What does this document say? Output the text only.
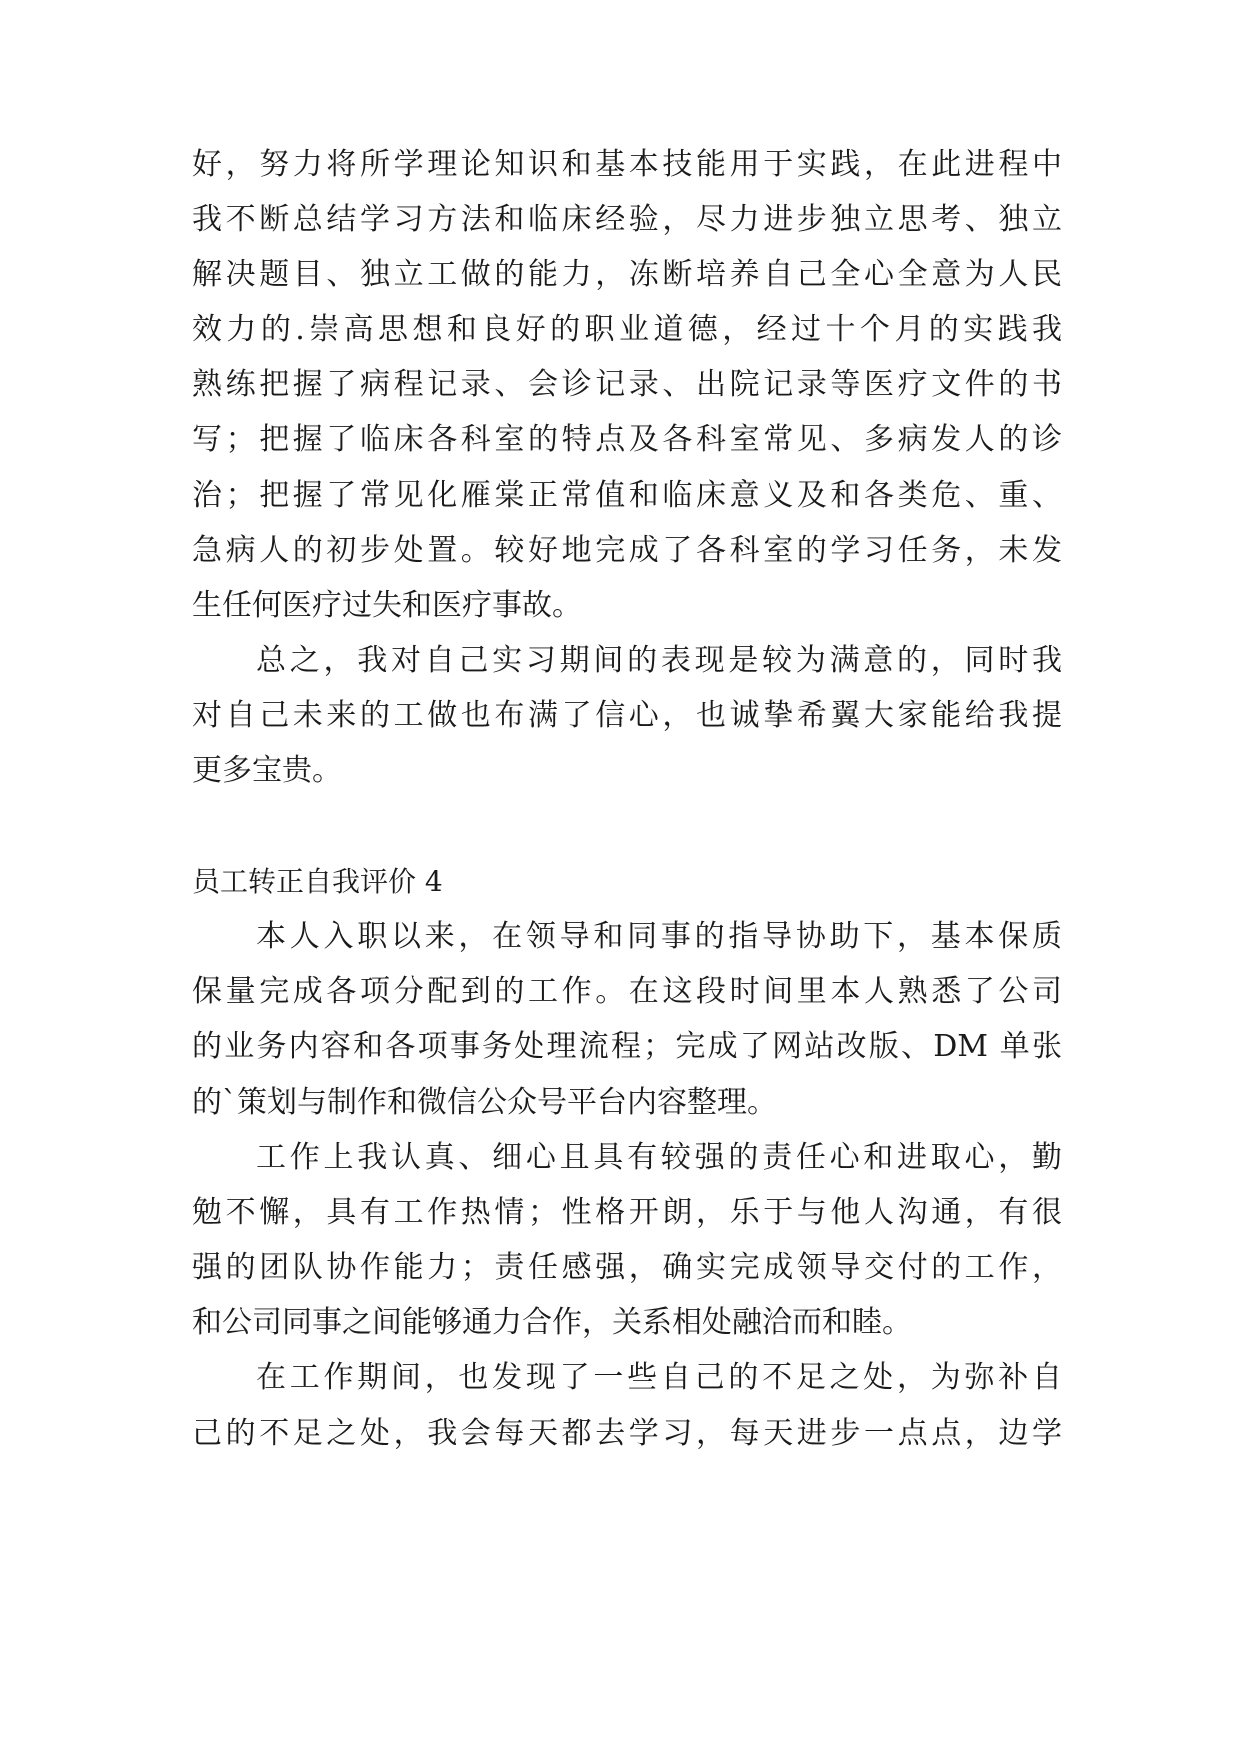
好，努力将所学理论知识和基本技能用于实践，在此进程中
我不断总结学习方法和临床经验，尽力进步独立思考、独立
解决题目、独立工做的能力，冻断培养自己全心全意为人民
效力的.崇高思想和良好的职业道德，经过十个月的实践我
熟练把握了病程记录、会诊记录、出院记录等医疗文件的书
写；把握了临床各科室的特点及各科室常见、多病发人的诊
治；把握了常见化雁棠正常值和临床意义及和各类危、重、
急病人的初步处置。较好地完成了各科室的学习任务，未发
生任何医疗过失和医疗事故。
总之，我对自己实习期间的表现是较为满意的，同时我
对自己未来的工做也布满了信心，也诚挚希翼大家能给我提
更多宝贵。
员工转正自我评价 4
本人入职以来，在领导和同事的指导协助下，基本保质
保量完成各项分配到的工作。在这段时间里本人熟悉了公司
的业务内容和各项事务处理流程；完成了网站改版、DM 单张
的`策划与制作和微信公众号平台内容整理。
工作上我认真、细心且具有较强的责任心和进取心，勤
勉不懈，具有工作热情；性格开朗，乐于与他人沟通，有很
强的团队协作能力；责任感强，确实完成领导交付的工作，
和公司同事之间能够通力合作，关系相处融洽而和睦。
在工作期间，也发现了一些自己的不足之处，为弥补自
己的不足之处，我会每天都去学习，每天进步一点点，边学
